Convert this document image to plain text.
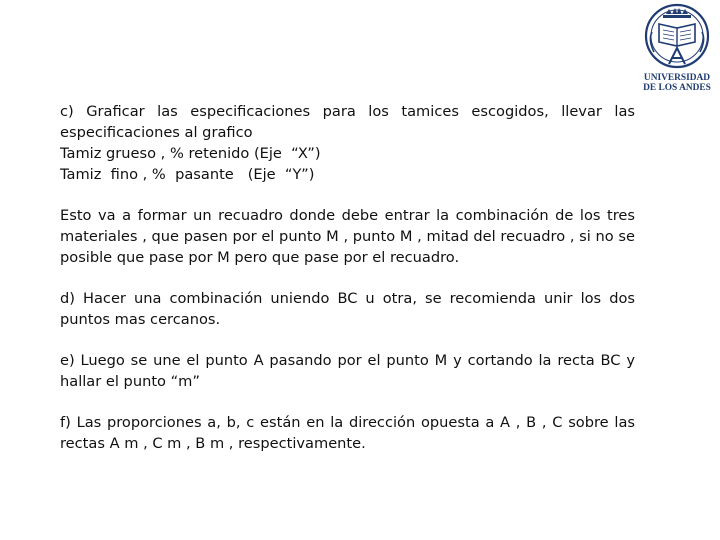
UNIVERSIDAD
DE LOS ANDES

c) Graficar las especificaciones para los tamices escogidos, llevar las especificaciones al grafico

Tamiz grueso , % retenido (Eje  “X”)
Tamiz  fino , %  pasante   (Eje  “Y”)

Esto va a formar un recuadro donde debe entrar la combinación de los tres materiales , que pasen por el punto M , punto M , mitad del recuadro , si no se posible que pase por M pero que pase por el recuadro.

d) Hacer una combinación uniendo BC u otra, se recomienda unir los dos puntos mas cercanos.

e) Luego se une el punto A pasando por el punto M y cortando la recta BC y hallar el punto “m”

f) Las proporciones a, b, c están en la dirección opuesta a A , B , C sobre las rectas A m , C m , B m , respectivamente.
